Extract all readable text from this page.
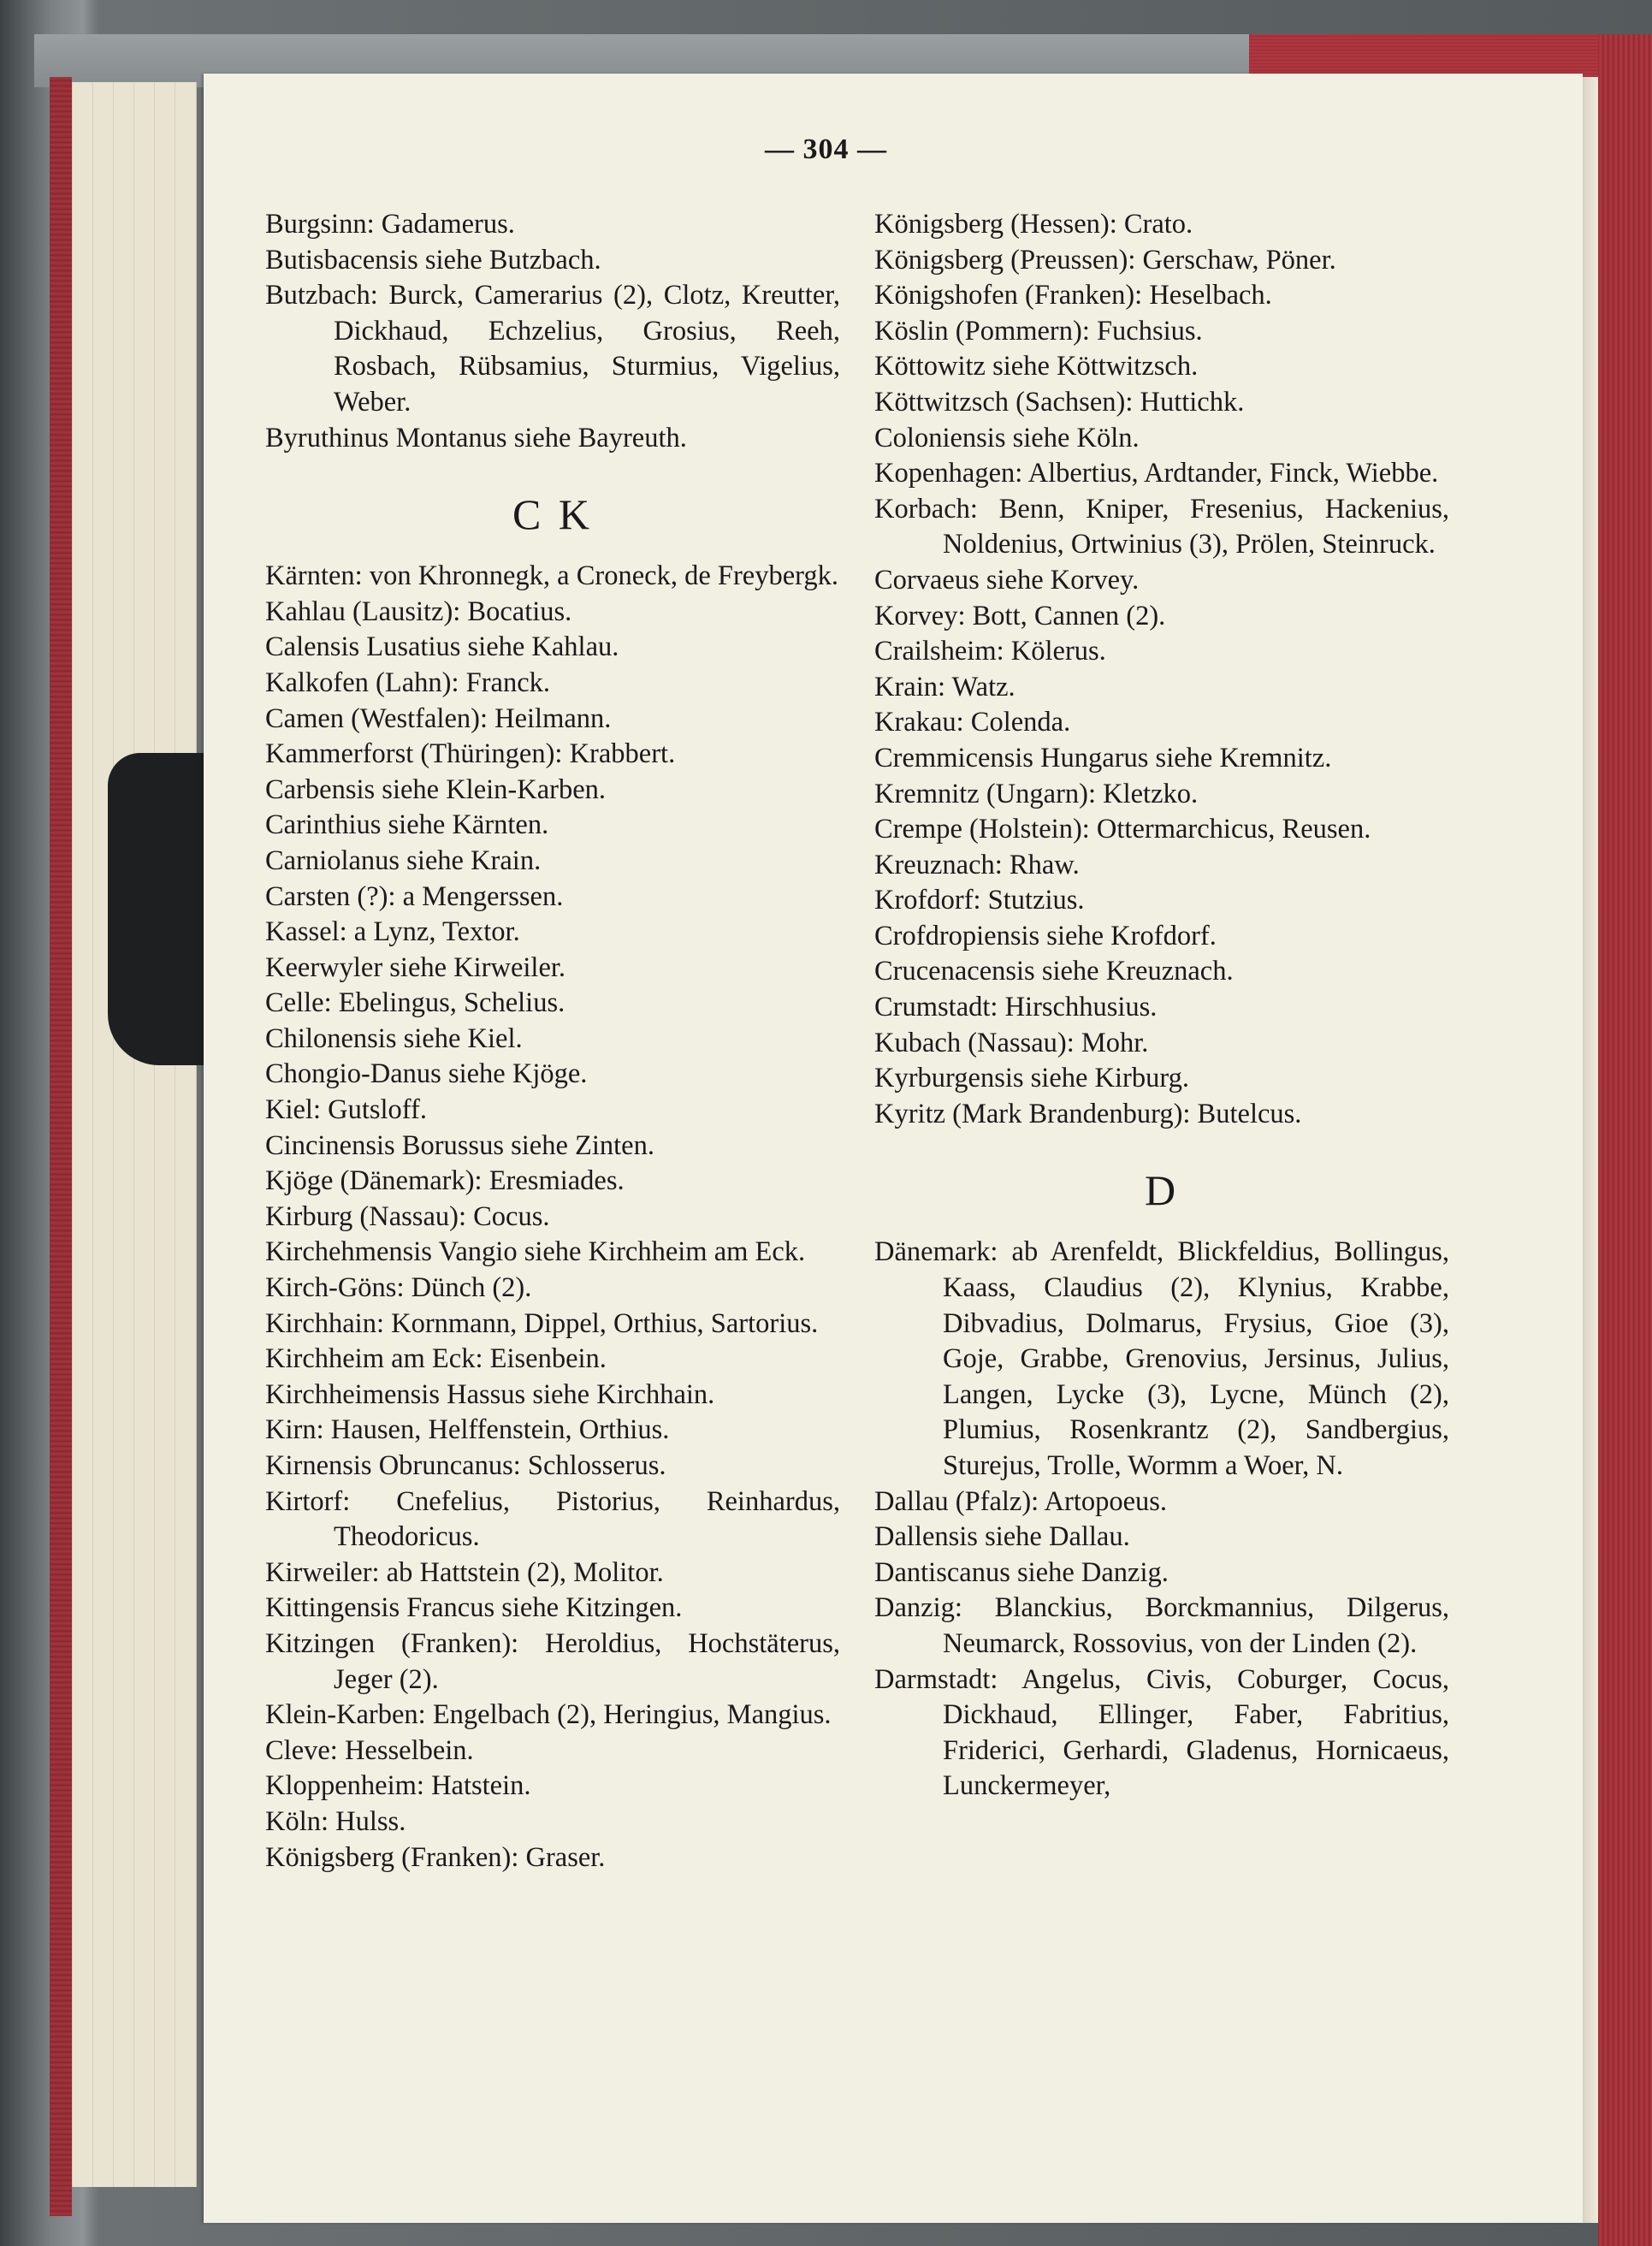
— 304 —

Burgsinn: Gadamerus.

Butisbacensis siehe Butzbach.

Butzbach: Burck, Camerarius (2), Clotz, Kreutter, Dickhaud, Echzelius, Grosius, Reeh, Rosbach, Rübsamius, Sturmius, Vigelius, Weber.

Byruthinus Montanus siehe Bayreuth.

C K

Kärnten: von Khronnegk, a Croneck, de Freybergk.

Kahlau (Lausitz): Bocatius.

Calensis Lusatius siehe Kahlau.

Kalkofen (Lahn): Franck.

Camen (Westfalen): Heilmann.

Kammerforst (Thüringen): Krabbert.

Carbensis siehe Klein-Karben.

Carinthius siehe Kärnten.

Carniolanus siehe Krain.

Carsten (?): a Mengerssen.

Kassel: a Lynz, Textor.

Keerwyler siehe Kirweiler.

Celle: Ebelingus, Schelius.

Chilonensis siehe Kiel.

Chongio-Danus siehe Kjöge.

Kiel: Gutsloff.

Cincinensis Borussus siehe Zinten.

Kjöge (Dänemark): Eresmiades.

Kirburg (Nassau): Cocus.

Kirchehmensis Vangio siehe Kirchheim am Eck.

Kirch-Göns: Dünch (2).

Kirchhain: Kornmann, Dippel, Orthius, Sartorius.

Kirchheim am Eck: Eisenbein.

Kirchheimensis Hassus siehe Kirchhain.

Kirn: Hausen, Helffenstein, Orthius.

Kirnensis Obruncanus: Schlosserus.

Kirtorf: Cnefelius, Pistorius, Reinhardus, Theodoricus.

Kirweiler: ab Hattstein (2), Molitor.

Kittingensis Francus siehe Kitzingen.

Kitzingen (Franken): Heroldius, Hochstäterus, Jeger (2).

Klein-Karben: Engelbach (2), Heringius, Mangius.

Cleve: Hesselbein.

Kloppenheim: Hatstein.

Köln: Hulss.

Königsberg (Franken): Graser.

Königsberg (Hessen): Crato.

Königsberg (Preussen): Gerschaw, Pöner.

Königshofen (Franken): Heselbach.

Köslin (Pommern): Fuchsius.

Köttowitz siehe Köttwitzsch.

Köttwitzsch (Sachsen): Huttichk.

Coloniensis siehe Köln.

Kopenhagen: Albertius, Ardtander, Finck, Wiebbe.

Korbach: Benn, Kniper, Fresenius, Hackenius, Noldenius, Ortwinius (3), Prölen, Steinruck.

Corvaeus siehe Korvey.

Korvey: Bott, Cannen (2).

Crailsheim: Kölerus.

Krain: Watz.

Krakau: Colenda.

Cremmicensis Hungarus siehe Kremnitz.

Kremnitz (Ungarn): Kletzko.

Crempe (Holstein): Ottermarchicus, Reusen.

Kreuznach: Rhaw.

Krofdorf: Stutzius.

Crofdropiensis siehe Krofdorf.

Crucenacensis siehe Kreuznach.

Crumstadt: Hirschhusius.

Kubach (Nassau): Mohr.

Kyrburgensis siehe Kirburg.

Kyritz (Mark Brandenburg): Butelcus.

D

Dänemark: ab Arenfeldt, Blickfeldius, Bollingus, Kaass, Claudius (2), Klynius, Krabbe, Dibvadius, Dolmarus, Frysius, Gioe (3), Goje, Grabbe, Grenovius, Jersinus, Julius, Langen, Lycke (3), Lycne, Münch (2), Plumius, Rosenkrantz (2), Sandbergius, Sturejus, Trolle, Wormm a Woer, N.

Dallau (Pfalz): Artopoeus.

Dallensis siehe Dallau.

Dantiscanus siehe Danzig.

Danzig: Blanckius, Borckmannius, Dilgerus, Neumarck, Rossovius, von der Linden (2).

Darmstadt: Angelus, Civis, Coburger, Cocus, Dickhaud, Ellinger, Faber, Fabritius, Friderici, Gerhardi, Gladenus, Hornicaeus, Lunckermeyer,
